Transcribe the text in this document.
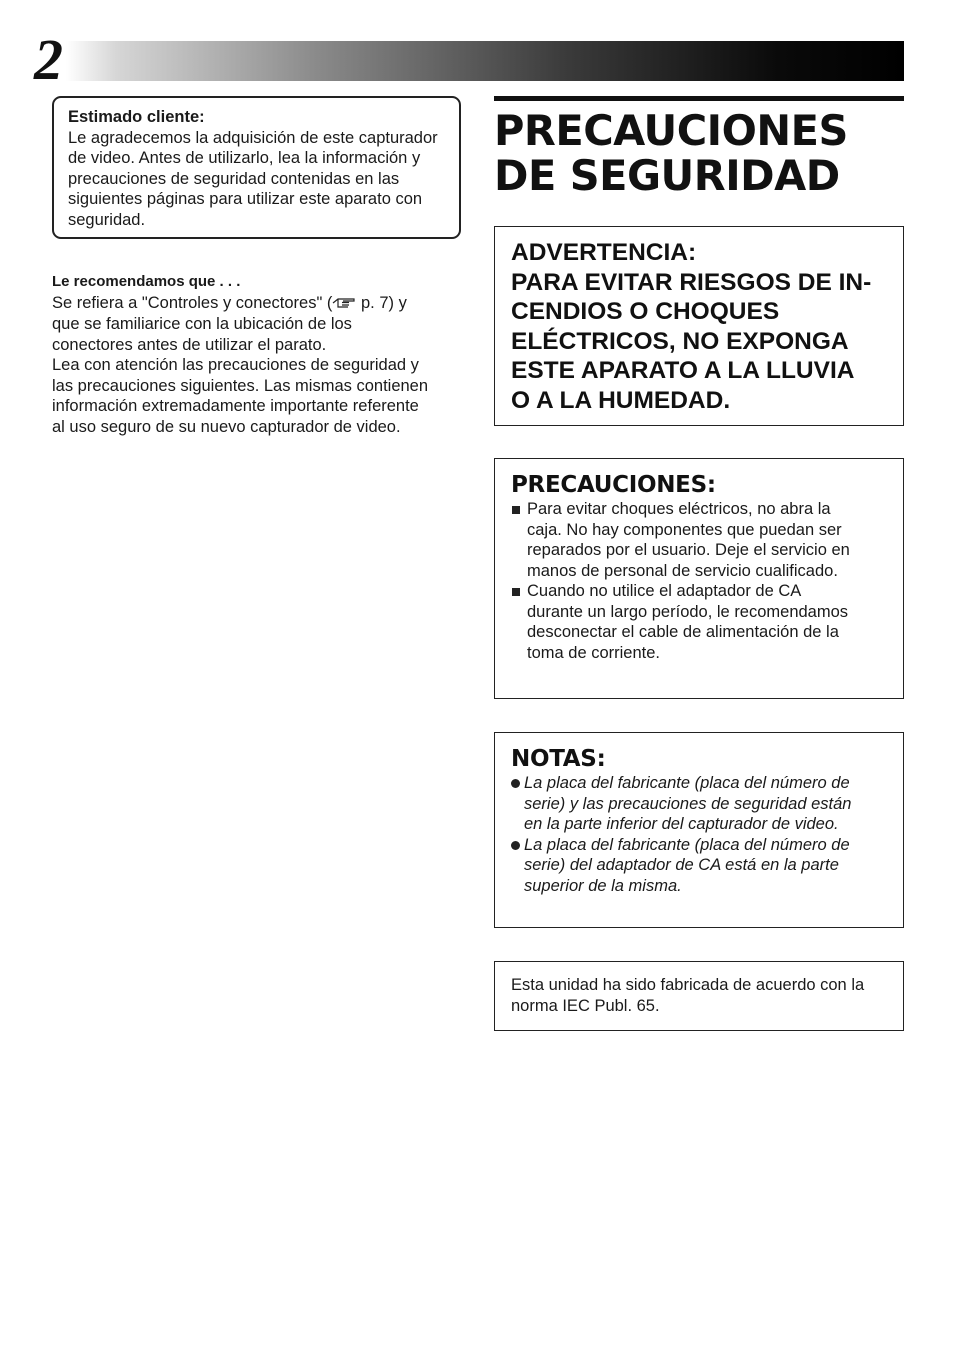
2
Estimado cliente:
Le agradecemos la adquisición de este capturador de video. Antes de utilizarlo, lea la información y precauciones de seguridad contenidas en las siguientes páginas para utilizar este aparato con seguridad.
Le recomendamos que . . .
Se refiera a "Controles y conectores" ( p. 7) y
que se familiarice con la ubicación de los
conectores antes de utilizar el parato.
Lea con atención las precauciones de seguridad y
las precauciones siguientes. Las mismas contienen
información extremadamente importante referente
al uso seguro de su nuevo capturador de video.
PRECAUCIONES
DE SEGURIDAD
ADVERTENCIA:
PARA EVITAR RIESGOS DE IN-
CENDIOS O CHOQUES
ELÉCTRICOS, NO EXPONGA
ESTE APARATO A LA LLUVIA
O A LA HUMEDAD.
PRECAUCIONES:
Para evitar choques eléctricos, no abra la
caja. No hay componentes que puedan ser
reparados por el usuario. Deje el servicio en
manos de personal de servicio cualificado.
Cuando no utilice el adaptador de CA
durante un largo período, le recomendamos
desconectar el cable de alimentación de la
toma de corriente.
NOTAS:
La placa del fabricante (placa del número de
serie) y las precauciones de seguridad están
en la parte inferior del capturador de video.
La placa del fabricante (placa del número de
serie) del adaptador de CA está en la parte
superior de la misma.
Esta unidad ha sido fabricada de acuerdo con la
norma IEC Publ. 65.
